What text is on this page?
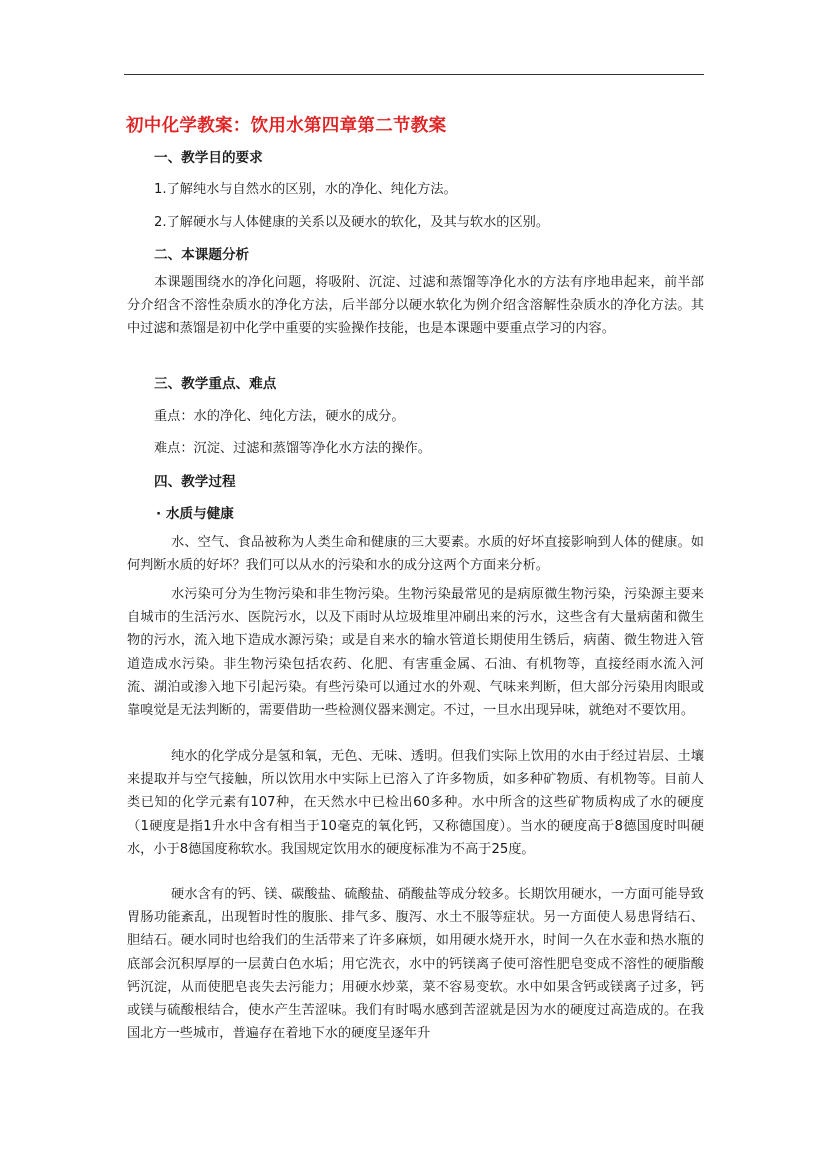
初中化学教案：饮用水第四章第二节教案
一、教学目的要求
1.了解纯水与自然水的区别，水的净化、纯化方法。
2.了解硬水与人体健康的关系以及硬水的软化，及其与软水的区别。
二、本课题分析

本课题围绕水的净化问题，将吸附、沉淀、过滤和蒸馏等净化水的方法有序地串起来，前半部分介绍含不溶性杂质水的净化方法，后半部分以硬水软化为例介绍含溶解性杂质水的净化方法。其中过滤和蒸馏是初中化学中重要的实验操作技能，也是本课题中要重点学习的内容。

三、教学重点、难点
重点：水的净化、纯化方法，硬水的成分。
难点：沉淀、过滤和蒸馏等净化水方法的操作。
四、教学过程
· 水质与健康

水、空气、食品被称为人类生命和健康的三大要素。水质的好坏直接影响到人体的健康。如何判断水质的好坏？我们可以从水的污染和水的成分这两个方面来分析。

水污染可分为生物污染和非生物污染。生物污染最常见的是病原微生物污染，污染源主要来自城市的生活污水、医院污水，以及下雨时从垃圾堆里冲刷出来的污水，这些含有大量病菌和微生物的污水，流入地下造成水源污染；或是自来水的输水管道长期使用生锈后，病菌、微生物进入管道造成水污染。非生物污染包括农药、化肥、有害重金属、石油、有机物等，直接经雨水流入河流、湖泊或渗入地下引起污染。有些污染可以通过水的外观、气味来判断，但大部分污染用肉眼或靠嗅觉是无法判断的，需要借助一些检测仪器来测定。不过，一旦水出现异味，就绝对不要饮用。

纯水的化学成分是氢和氧，无色、无味、透明。但我们实际上饮用的水由于经过岩层、土壤来提取并与空气接触，所以饮用水中实际上已溶入了许多物质，如多种矿物质、有机物等。目前人类已知的化学元素有107种，在天然水中已检出60多种。水中所含的这些矿物质构成了水的硬度（1硬度是指1升水中含有相当于10毫克的氧化钙，又称德国度）。当水的硬度高于8德国度时叫硬水，小于8德国度称软水。我国规定饮用水的硬度标准为不高于25度。

硬水含有的钙、镁、碳酸盐、硫酸盐、硝酸盐等成分较多。长期饮用硬水，一方面可能导致胃肠功能紊乱，出现暂时性的腹胀、排气多、腹泻、水土不服等症状。另一方面使人易患肾结石、胆结石。硬水同时也给我们的生活带来了许多麻烦，如用硬水烧开水，时间一久在水壶和热水瓶的底部会沉积厚厚的一层黄白色水垢；用它洗衣，水中的钙镁离子使可溶性肥皂变成不溶性的硬脂酸钙沉淀，从而使肥皂丧失去污能力；用硬水炒菜，菜不容易变软。水中如果含钙或镁离子过多，钙或镁与硫酸根结合，使水产生苦涩味。我们有时喝水感到苦涩就是因为水的硬度过高造成的。在我国北方一些城市，普遍存在着地下水的硬度呈逐年升
